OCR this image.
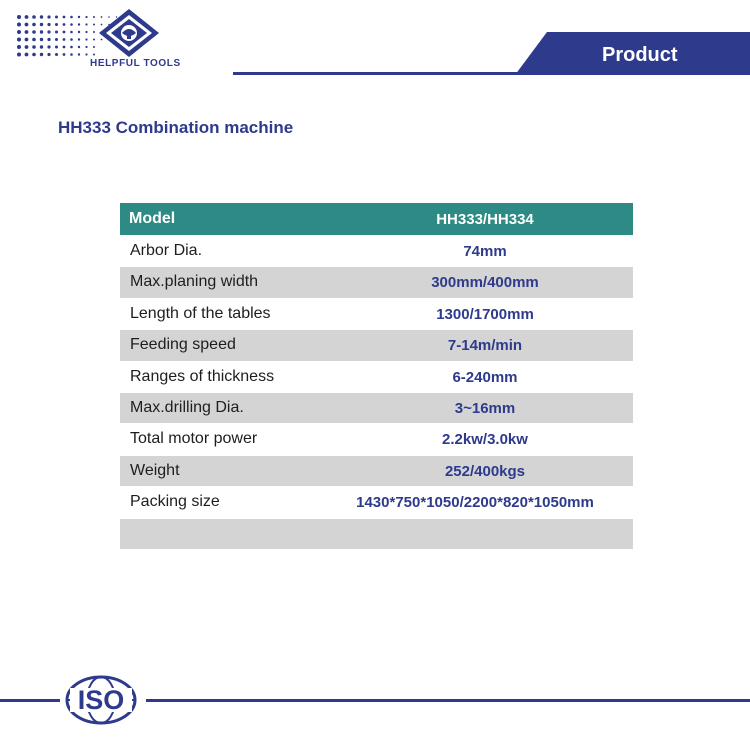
HELPFUL TOOLS	Product
HH333 Combination machine
Model	HH333/HH334
Arbor Dia.	74mm
Max.planing width	300mm/400mm
Length of the tables	1300/1700mm
Feeding speed	7-14m/min
Ranges of thickness	6-240mm
Max.drilling Dia.	3~16mm
Total motor power	2.2kw/3.0kw
Weight	252/400kgs
Packing size	1430*750*1050/2200*820*1050mm
ISO
